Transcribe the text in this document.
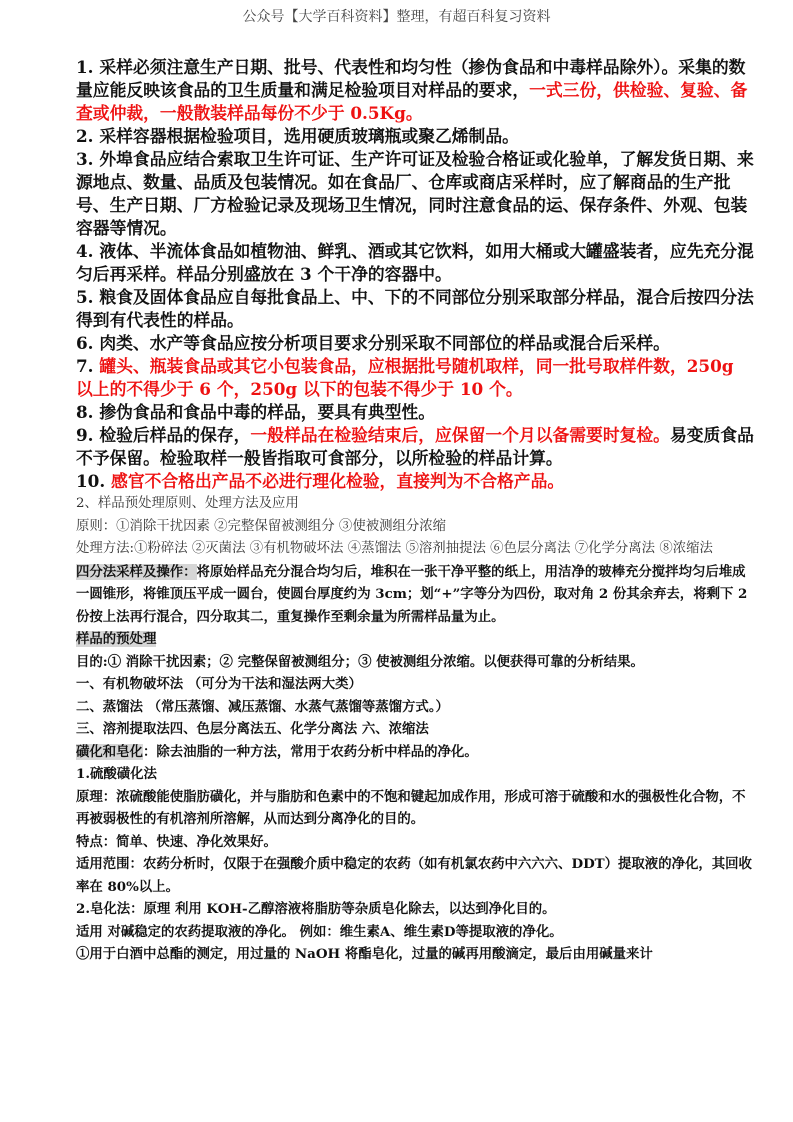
公众号【大学百科资料】整理，有超百科复习资料

1. 采样必须注意生产日期、批号、代表性和均匀性（掺伪食品和中毒样品除外）。采集的数量应能反映该食品的卫生质量和满足检验项目对样品的要求，一式三份，供检验、复验、备查或仲裁，一般散装样品每份不少于 0.5Kg。

2. 采样容器根据检验项目，选用硬质玻璃瓶或聚乙烯制品。

3. 外埠食品应结合索取卫生许可证、生产许可证及检验合格证或化验单，了解发货日期、来源地点、数量、品质及包装情况。如在食品厂、仓库或商店采样时，应了解商品的生产批号、生产日期、厂方检验记录及现场卫生情况，同时注意食品的运、保存条件、外观、包装容器等情况。

4. 液体、半流体食品如植物油、鲜乳、酒或其它饮料，如用大桶或大罐盛装者，应先充分混匀后再采样。样品分别盛放在 3 个干净的容器中。

5. 粮食及固体食品应自每批食品上、中、下的不同部位分别采取部分样品，混合后按四分法得到有代表性的样品。

6. 肉类、水产等食品应按分析项目要求分别采取不同部位的样品或混合后采样。

7. 罐头、瓶装食品或其它小包装食品，应根据批号随机取样，同一批号取样件数，250g 以上的不得少于 6 个，250g 以下的包装不得少于 10 个。

8. 掺伪食品和食品中毒的样品，要具有典型性。

9. 检验后样品的保存，一般样品在检验结束后，应保留一个月以备需要时复检。易变质食品不予保留。检验取样一般皆指取可食部分，以所检验的样品计算。

10. 感官不合格出产品不必进行理化检验，直接判为不合格产品。

2、样品预处理原则、处理方法及应用

原则：①消除干扰因素 ②完整保留被测组分 ③使被测组分浓缩

处理方法:①粉碎法 ②灭菌法 ③有机物破坏法 ④蒸馏法 ⑤溶剂抽提法 ⑥色层分离法 ⑦化学分离法 ⑧浓缩法

四分法采样及操作：将原始样品充分混合均匀后，堆积在一张干净平整的纸上，用洁净的玻棒充分搅拌均匀后堆成一圆锥形，将锥顶压平成一圆台，使圆台厚度约为 3cm；划“+”字等分为四份，取对角 2 份其余弃去，将剩下 2 份按上法再行混合，四分取其二，重复操作至剩余量为所需样品量为止。

样品的预处理

目的:① 消除干扰因素；② 完整保留被测组分；③ 使被测组分浓缩。以便获得可靠的分析结果。

一、有机物破坏法 （可分为干法和湿法两大类）

二、蒸馏法 （常压蒸馏、减压蒸馏、水蒸气蒸馏等蒸馏方式。）

三、溶剂提取法四、色层分离法五、化学分离法 六、浓缩法

磺化和皂化：除去油脂的一种方法，常用于农药分析中样品的净化。

1.硫酸磺化法

原理：浓硫酸能使脂肪磺化，并与脂肪和色素中的不饱和键起加成作用，形成可溶于硫酸和水的强极性化合物，不再被弱极性的有机溶剂所溶解，从而达到分离净化的目的。

特点：简单、快速、净化效果好。

适用范围：农药分析时，仅限于在强酸介质中稳定的农药（如有机氯农药中六六六、DDT）提取液的净化，其回收率在 80%以上。

2.皂化法：原理 利用 KOH-乙醇溶液将脂肪等杂质皂化除去，以达到净化目的。

适用 对碱稳定的农药提取液的净化。 例如：维生素A、维生素D等提取液的净化。

①用于白酒中总酯的测定，用过量的 NaOH 将酯皂化，过量的碱再用酸滴定，最后由用碱量来计
